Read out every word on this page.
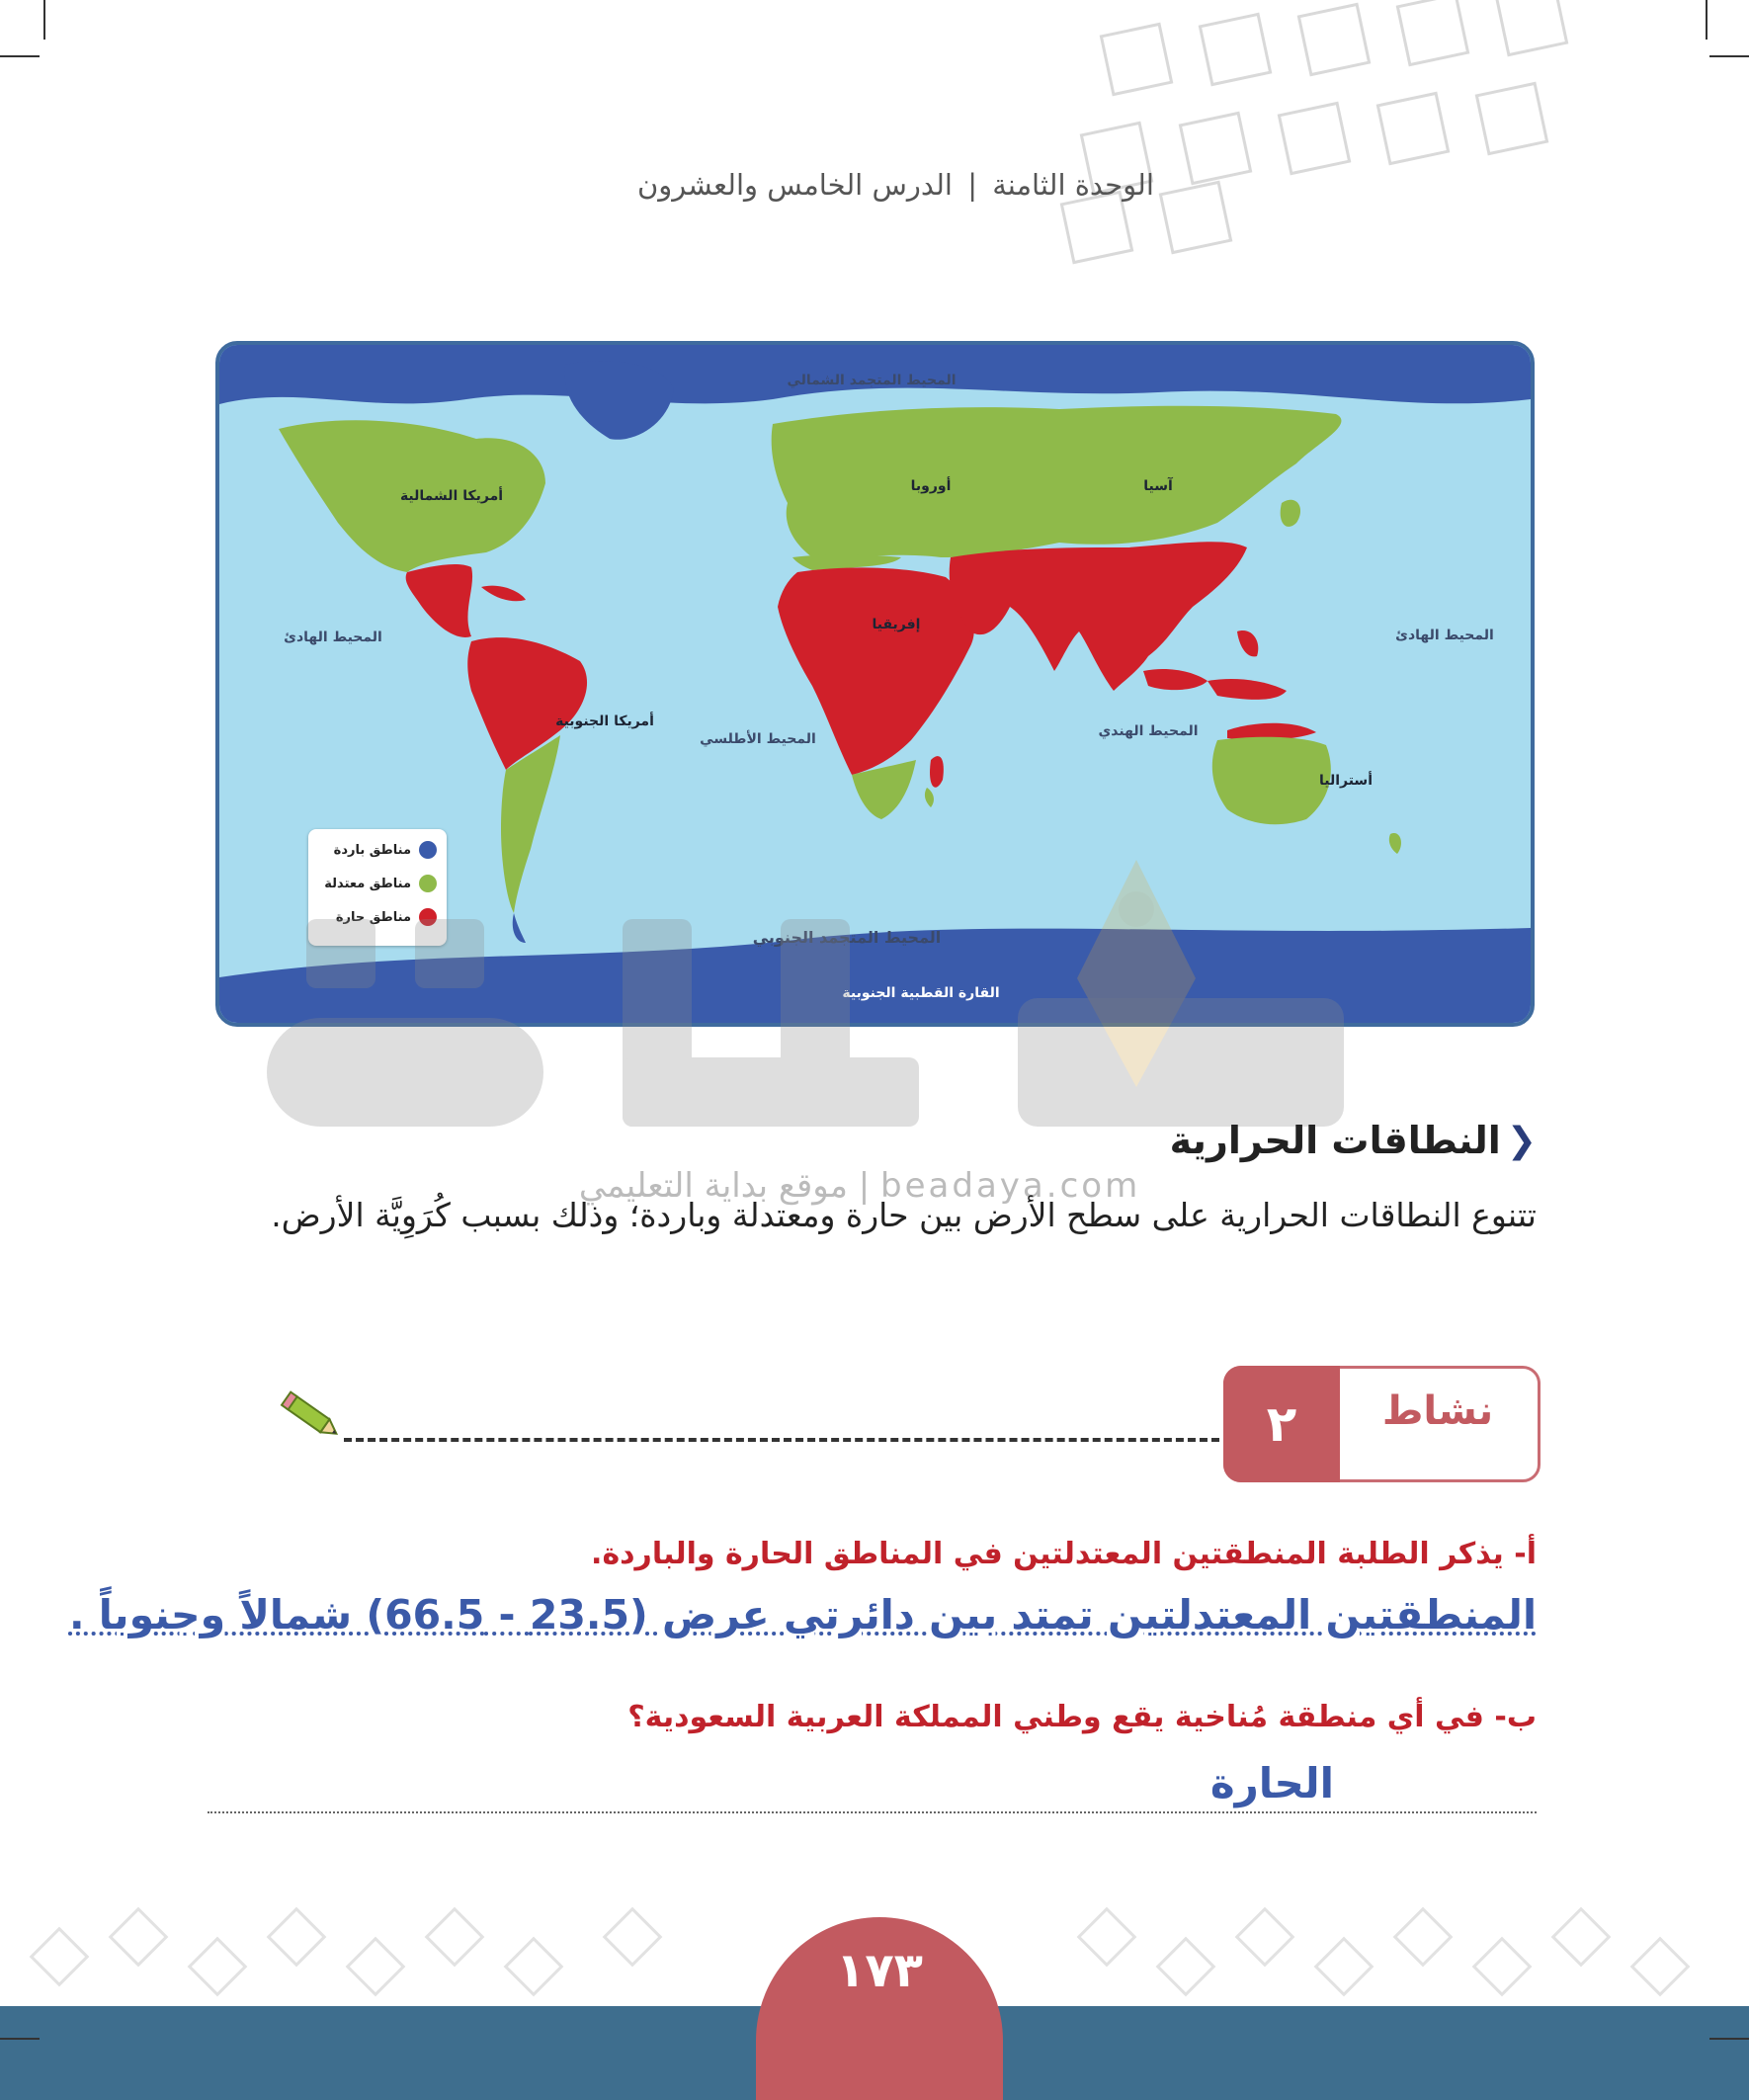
الوحدة الثامنة | الدرس الخامس والعشرون
المحيط المتجمد الشمالي
أمريكا الشمالية
أوروبا	آسيا
المحيط الهادئ	المحيط الهادئ
إفريقيا
أمريكا الجنوبية
المحيط الأطلسي	المحيط الهندي
أستراليا
المحيط المتجمد الجنوبي
القارة القطبية الجنوبية
مناطق باردة
مناطق معتدلة
مناطق حارة
موقع بداية التعليمي | beadaya.com
❮
النطاقات الحرارية
تتنوع النطاقات الحرارية على سطح الأرض بين حارة ومعتدلة وباردة؛ وذلك بسبب كُرَوِيَّة الأرض.
٢	نشاط
أ- يذكر الطلبة المنطقتين المعتدلتين في المناطق الحارة والباردة.
المنطقتين المعتدلتين تمتد بين دائرتي عرض (23.5 - 66.5) شمالاً وجنوباً .
ب- في أي منطقة مُناخية يقع وطني المملكة العربية السعودية؟
الحارة
١٧٣
